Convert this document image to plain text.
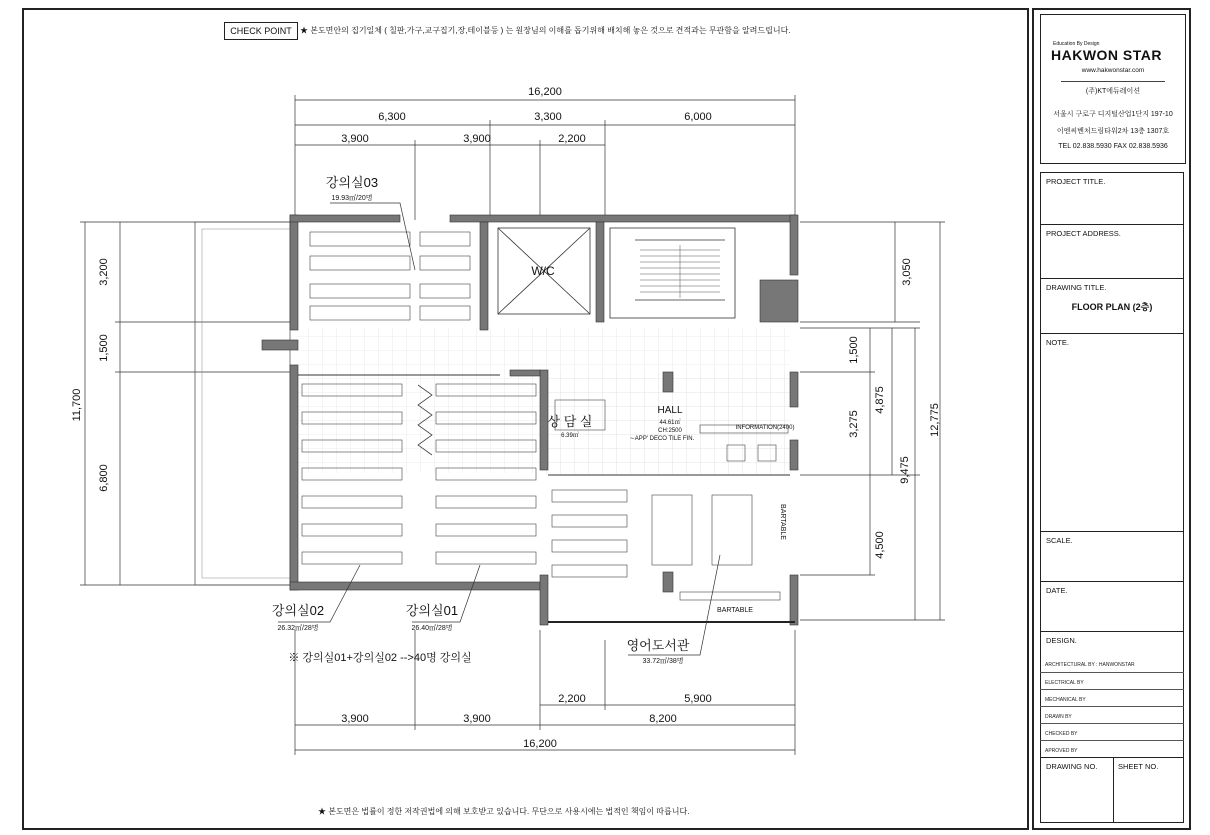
CHECK POINT	★ 본도면안의 집기일체 ( 칠판,가구,교구집기,장,테이블등 ) 는 원장님의 이해를 돕기위해 배치해 놓은 것으로 견적과는 무관함을 알려드립니다.
★ 본도면은 법률이 정한 저작권법에 의해 보호받고 있습니다. 무단으로 사용시에는 법적인 책임이 따릅니다.
16,200
6,300	3,300	6,000
3,900	3,900	2,200
3,200
1,500
6,800
11,700
3,050
1,500
3,275
4,500
4,875
9,475
12,775
2,200	5,900
3,900	3,900	8,200
16,200
강의실03
19.93㎡/20명
W/C
상 담 실
6.39㎡
HALL
44.61㎡
CH:2500
∼APP' DECO TILE FIN.
INFORMATION(2400)
BARTABLE
BARTABLE
강의실02
26.32㎡/28명
강의실01
26.40㎡/28명
영어도서관
33.72㎡/38명
※ 강의실01+강의실02 -->40명 강의실
Education By Design
HAKWON STAR
www.hakwonstar.com
(주)KT에듀레이션
서울시 구로구 디지털산업1단지 197-10
이엔씨벤처드림타워2차 13층 1307호
TEL 02.838.5930 FAX 02.838.5936
PROJECT TITLE.
PROJECT ADDRESS.
DRAWING TITLE.
FLOOR PLAN (2층)
NOTE.
SCALE.
DATE.
DESIGN.
ARCHITECTURAL BY : HANWONSTAR
ELECTRICAL BY
MECHANICAL BY
DRAWN BY
CHECKED BY
APROVED BY
DRAWING NO.	SHEET NO.
